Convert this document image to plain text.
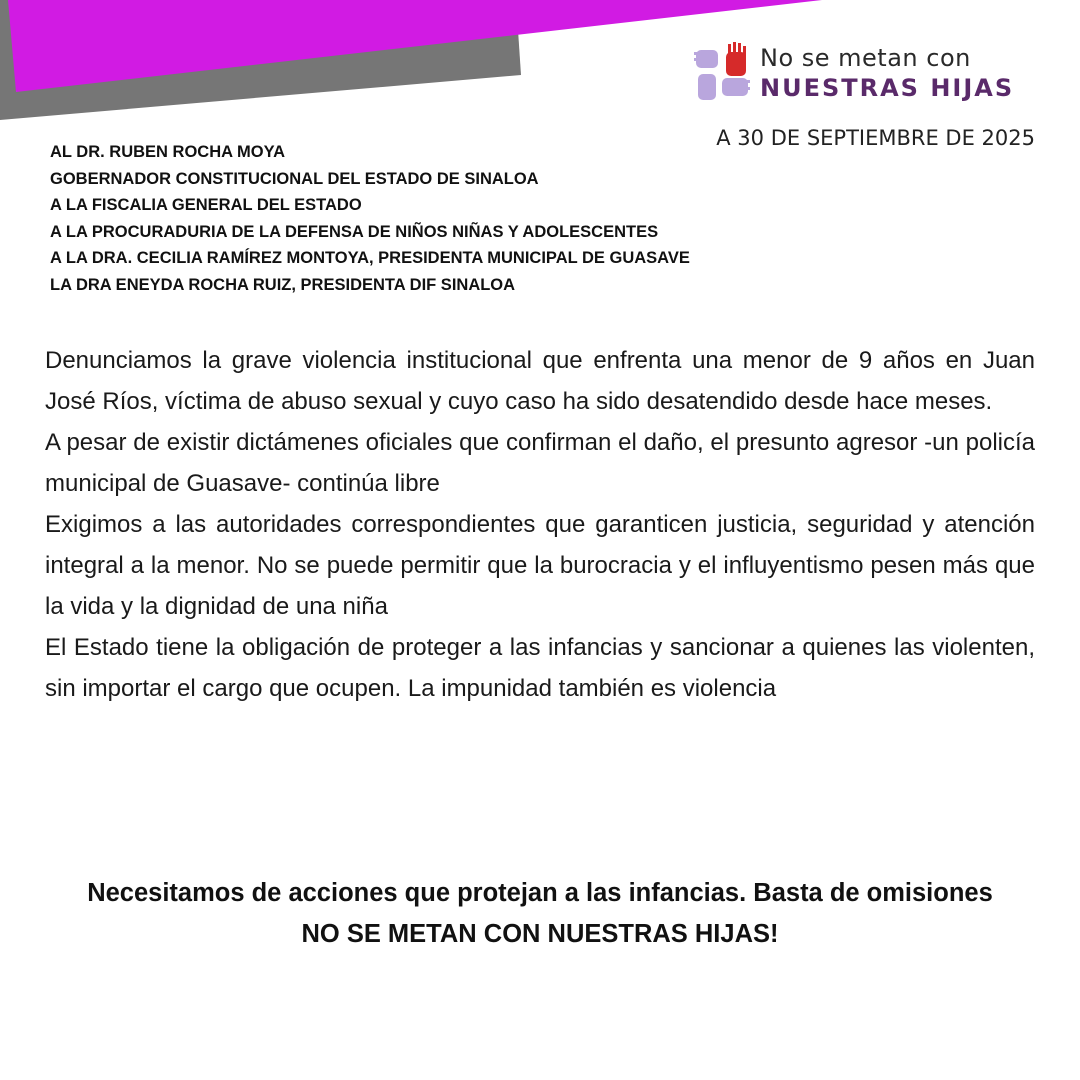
No se metan con
NUESTRAS HIJAS
A 30 DE SEPTIEMBRE DE 2025
AL DR. RUBEN ROCHA MOYA
GOBERNADOR CONSTITUCIONAL DEL ESTADO DE SINALOA
A LA FISCALIA GENERAL DEL ESTADO
A LA PROCURADURIA DE LA DEFENSA DE NIÑOS NIÑAS Y ADOLESCENTES
A LA DRA. CECILIA RAMÍREZ MONTOYA, PRESIDENTA MUNICIPAL DE GUASAVE
LA DRA ENEYDA ROCHA RUIZ, PRESIDENTA DIF SINALOA

Denunciamos la grave violencia institucional que enfrenta una menor de 9 años en Juan José Ríos, víctima de abuso sexual y cuyo caso ha sido desatendido desde hace meses.

A pesar de existir dictámenes oficiales que confirman el daño, el presunto agresor -un policía municipal de Guasave- continúa libre

Exigimos a las autoridades correspondientes que garanticen justicia, seguridad y atención integral a la menor. No se puede permitir que la burocracia y el influyentismo pesen más que la vida y la dignidad de una niña

El Estado tiene la obligación de proteger a las infancias y sancionar a quienes las violenten, sin importar el cargo que ocupen. La impunidad también es violencia

Necesitamos de acciones que protejan a las infancias. Basta de omisiones
NO SE METAN CON NUESTRAS HIJAS!
